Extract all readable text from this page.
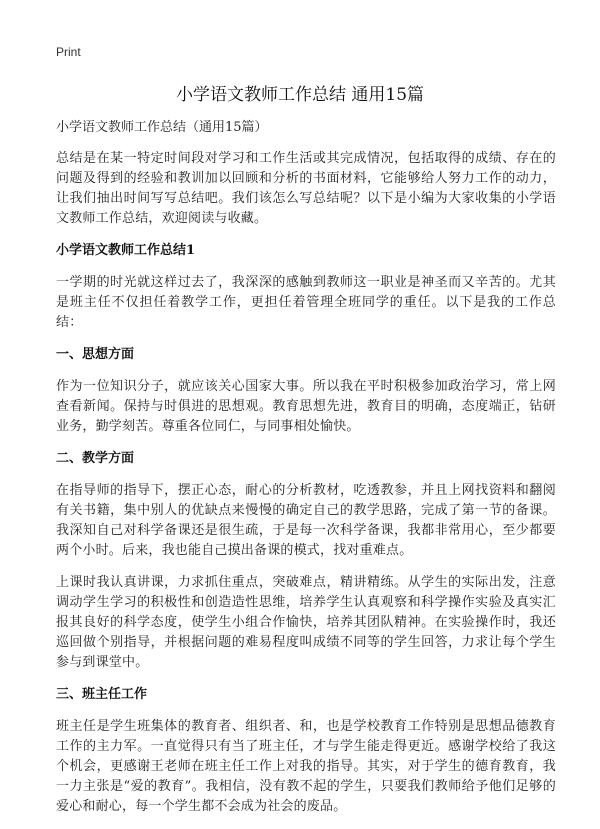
Print
小学语文教师工作总结 通用15篇

小学语文教师工作总结（通用15篇）

总结是在某一特定时间段对学习和工作生活或其完成情况，包括取得的成绩、存在的问题及得到的经验和教训加以回顾和分析的书面材料，它能够给人努力工作的动力，让我们抽出时间写写总结吧。我们该怎么写总结呢？以下是小编为大家收集的小学语文教师工作总结，欢迎阅读与收藏。

小学语文教师工作总结1

一学期的时光就这样过去了，我深深的感触到教师这一职业是神圣而又辛苦的。尤其是班主任不仅担任着教学工作，更担任着管理全班同学的重任。以下是我的工作总结：

一、思想方面

作为一位知识分子，就应该关心国家大事。所以我在平时积极参加政治学习，常上网查看新闻。保持与时俱进的思想观。教育思想先进，教育目的明确，态度端正，钻研业务，勤学刻苦。尊重各位同仁，与同事相处愉快。

二、教学方面

在指导师的指导下，摆正心态，耐心的分析教材，吃透教参，并且上网找资料和翻阅有关书籍，集中别人的优缺点来慢慢的确定自己的教学思路，完成了第一节的备课。我深知自己对科学备课还是很生疏，于是每一次科学备课，我都非常用心，至少都要两个小时。后来，我也能自己摸出备课的模式，找对重难点。

上课时我认真讲课，力求抓住重点，突破难点，精讲精练。从学生的实际出发，注意调动学生学习的积极性和创造造性思维，培养学生认真观察和科学操作实验及真实汇报其良好的科学态度，使学生小组合作愉快，培养其团队精神。在实验操作时，我还巡回做个别指导，并根据问题的难易程度叫成绩不同等的学生回答，力求让每个学生参与到课堂中。

三、班主任工作

班主任是学生班集体的教育者、组织者、和，也是学校教育工作特别是思想品德教育工作的主力军。一直觉得只有当了班主任，才与学生能走得更近。感谢学校给了我这个机会，更感谢王老师在班主任工作上对我的指导。其实，对于学生的德育教育，我一力主张是“爱的教育”。我相信，没有教不起的学生，只要我们教师给予他们足够的爱心和耐心，每一个学生都不会成为社会的废品。
